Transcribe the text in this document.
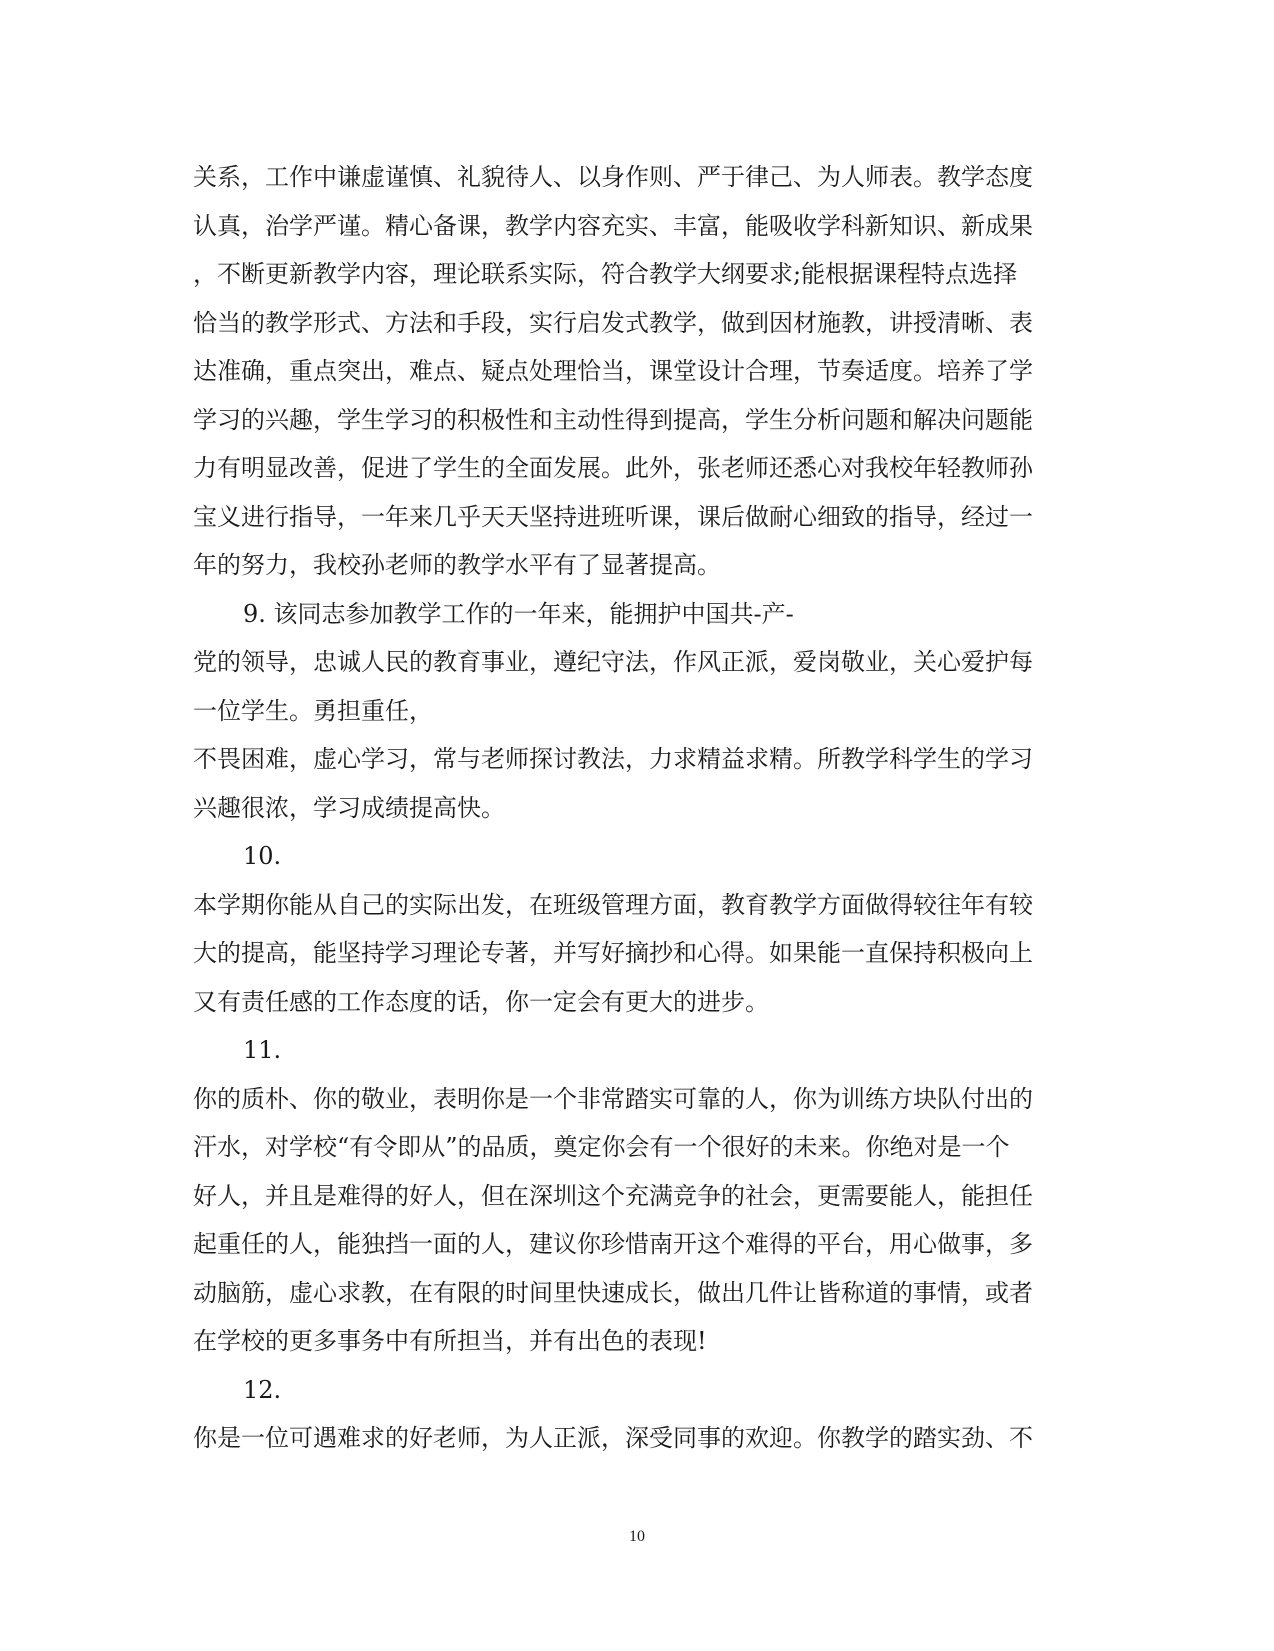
关系，工作中谦虚谨慎、礼貌待人、以身作则、严于律己、为人师表。教学态度
认真，治学严谨。精心备课，教学内容充实、丰富，能吸收学科新知识、新成果
，不断更新教学内容，理论联系实际，符合教学大纲要求;能根据课程特点选择
恰当的教学形式、方法和手段，实行启发式教学，做到因材施教，讲授清晰、表
达准确，重点突出，难点、疑点处理恰当，课堂设计合理，节奏适度。培养了学
学习的兴趣，学生学习的积极性和主动性得到提高，学生分析问题和解决问题能
力有明显改善，促进了学生的全面发展。此外，张老师还悉心对我校年轻教师孙
宝义进行指导，一年来几乎天天坚持进班听课，课后做耐心细致的指导，经过一
年的努力，我校孙老师的教学水平有了显著提高。
9. 该同志参加教学工作的一年来，能拥护中国共-产-
党的领导，忠诚人民的教育事业，遵纪守法，作风正派，爱岗敬业，关心爱护每
一位学生。勇担重任，
不畏困难，虚心学习，常与老师探讨教法，力求精益求精。所教学科学生的学习
兴趣很浓，学习成绩提高快。
10.
本学期你能从自己的实际出发，在班级管理方面，教育教学方面做得较往年有较
大的提高，能坚持学习理论专著，并写好摘抄和心得。如果能一直保持积极向上
又有责任感的工作态度的话，你一定会有更大的进步。
11.
你的质朴、你的敬业，表明你是一个非常踏实可靠的人，你为训练方块队付出的
汗水，对学校“有令即从”的品质，奠定你会有一个很好的未来。你绝对是一个
好人，并且是难得的好人，但在深圳这个充满竞争的社会，更需要能人，能担任
起重任的人，能独挡一面的人，建议你珍惜南开这个难得的平台，用心做事，多
动脑筋，虚心求教，在有限的时间里快速成长，做出几件让皆称道的事情，或者
在学校的更多事务中有所担当，并有出色的表现!
12.
你是一位可遇难求的好老师，为人正派，深受同事的欢迎。你教学的踏实劲、不
10
